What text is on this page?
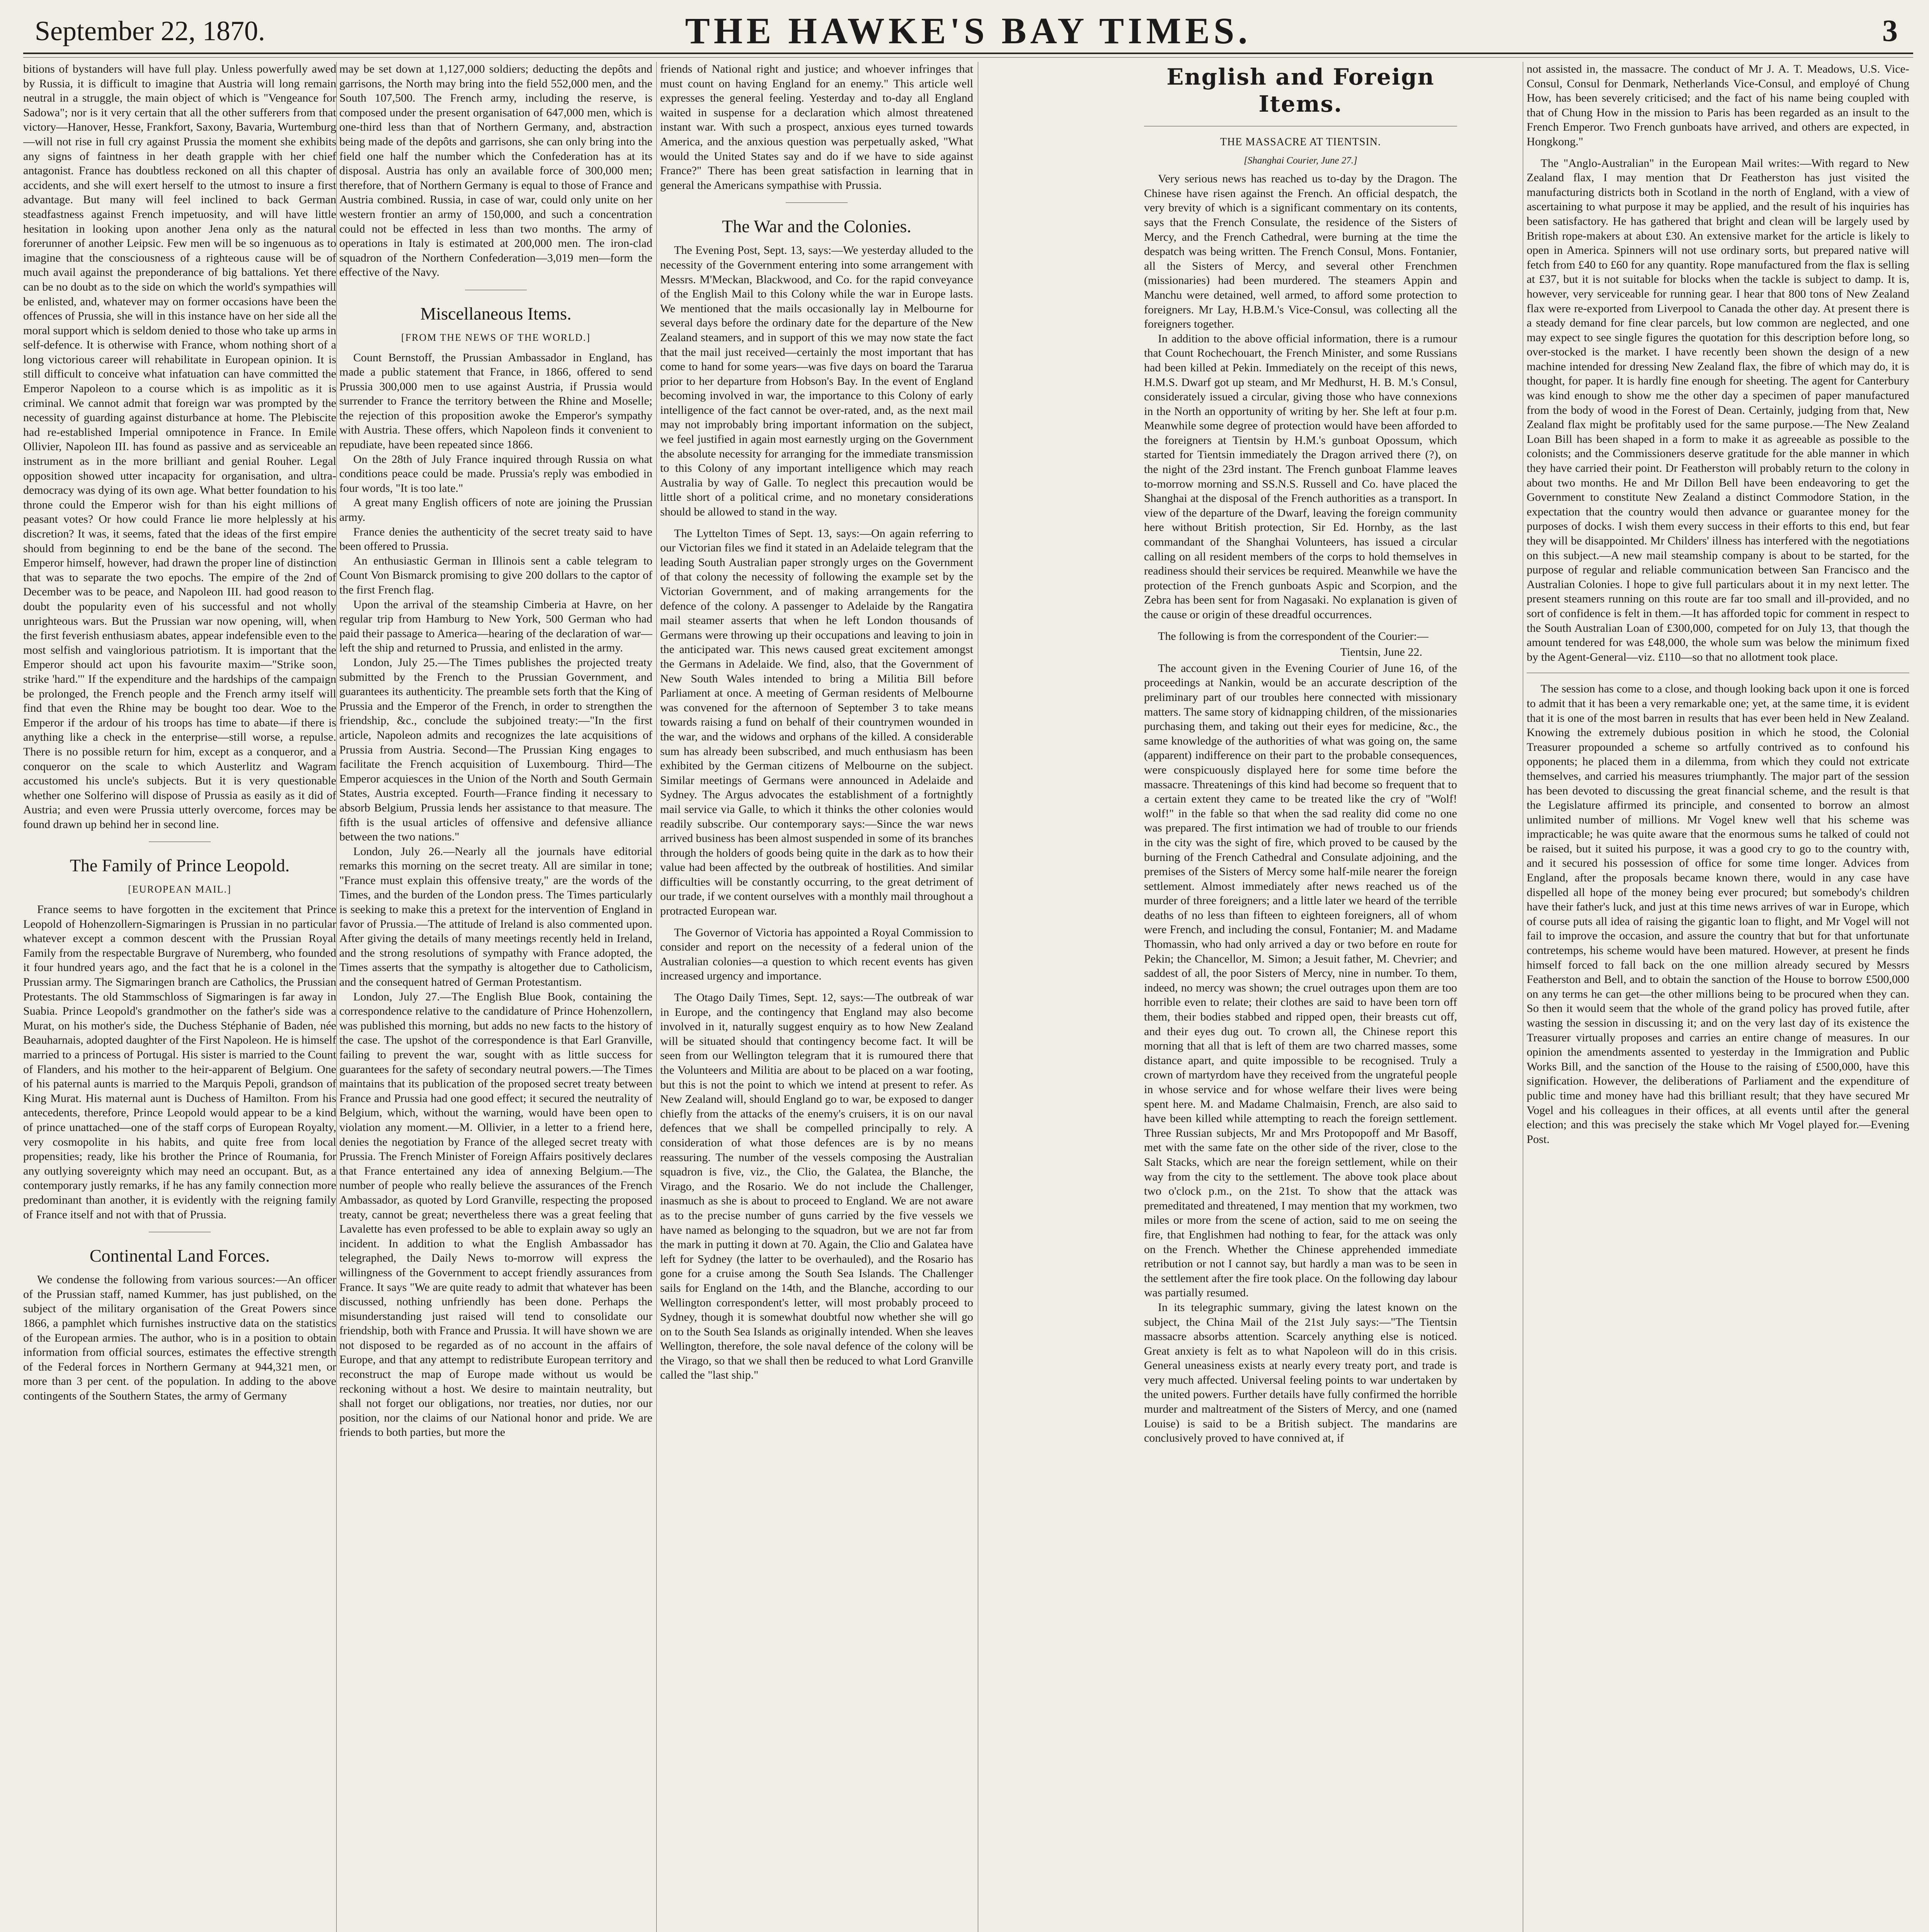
September 22, 1870.	THE HAWKE'S BAY TIMES.	3

bitions of bystanders will have full play. Unless powerfully awed by Russia, it is difficult to imagine that Austria will long remain neutral in a struggle, the main object of which is "Vengeance for Sadowa"; nor is it very certain that all the other sufferers from that victory—Hanover, Hesse, Frankfort, Saxony, Bavaria, Wurtemburg—will not rise in full cry against Prussia the moment she exhibits any signs of faintness in her death grapple with her chief antagonist. France has doubtless reckoned on all this chapter of accidents, and she will exert herself to the utmost to insure a first advantage. But many will feel inclined to back German steadfastness against French impetuosity, and will have little hesitation in looking upon another Jena only as the natural forerunner of another Leipsic. Few men will be so ingenuous as to imagine that the consciousness of a righteous cause will be of much avail against the preponderance of big battalions. Yet there can be no doubt as to the side on which the world's sympathies will be enlisted, and, whatever may on former occasions have been the offences of Prussia, she will in this instance have on her side all the moral support which is seldom denied to those who take up arms in self-defence. It is otherwise with France, whom nothing short of a long victorious career will rehabilitate in European opinion. It is still difficult to conceive what infatuation can have committed the Emperor Napoleon to a course which is as impolitic as it is criminal. We cannot admit that foreign war was prompted by the necessity of guarding against disturbance at home. The Plebiscite had re-established Imperial omnipotence in France. In Emile Ollivier, Napoleon III. has found as passive and as serviceable an instrument as in the more brilliant and genial Rouher. Legal opposition showed utter incapacity for organisation, and ultra-democracy was dying of its own age. What better foundation to his throne could the Emperor wish for than his eight millions of peasant votes? Or how could France lie more helplessly at his discretion? It was, it seems, fated that the ideas of the first empire should from beginning to end be the bane of the second. The Emperor himself, however, had drawn the proper line of distinction that was to separate the two epochs. The empire of the 2nd of December was to be peace, and Napoleon III. had good reason to doubt the popularity even of his successful and not wholly unrighteous wars. But the Prussian war now opening, will, when the first feverish enthusiasm abates, appear indefensible even to the most selfish and vainglorious patriotism. It is important that the Emperor should act upon his favourite maxim—"Strike soon, strike 'hard.'" If the expenditure and the hardships of the campaign be prolonged, the French people and the French army itself will find that even the Rhine may be bought too dear. Woe to the Emperor if the ardour of his troops has time to abate—if there is anything like a check in the enterprise—still worse, a repulse. There is no possible return for him, except as a conqueror, and a conqueror on the scale to which Austerlitz and Wagram accustomed his uncle's subjects. But it is very questionable whether one Solferino will dispose of Prussia as easily as it did of Austria; and even were Prussia utterly overcome, forces may be found drawn up behind her in second line.

The Family of Prince Leopold.
[EUROPEAN MAIL.]

France seems to have forgotten in the excitement that Prince Leopold of Hohenzollern-Sigmaringen is Prussian in no particular whatever except a common descent with the Prussian Royal Family from the respectable Burgrave of Nuremberg, who founded it four hundred years ago, and the fact that he is a colonel in the Prussian army. The Sigmaringen branch are Catholics, the Prussian Protestants. The old Stammschloss of Sigmaringen is far away in Suabia. Prince Leopold's grandmother on the father's side was a Murat, on his mother's side, the Duchess Stéphanie of Baden, née Beauharnais, adopted daughter of the First Napoleon. He is himself married to a princess of Portugal. His sister is married to the Count of Flanders, and his mother to the heir-apparent of Belgium. One of his paternal aunts is married to the Marquis Pepoli, grandson of King Murat. His maternal aunt is Duchess of Hamilton. From his antecedents, therefore, Prince Leopold would appear to be a kind of prince unattached—one of the staff corps of European Royalty, very cosmopolite in his habits, and quite free from local propensities; ready, like his brother the Prince of Roumania, for any outlying sovereignty which may need an occupant. But, as a contemporary justly remarks, if he has any family connection more predominant than another, it is evidently with the reigning family of France itself and not with that of Prussia.

Continental Land Forces.

We condense the following from various sources:—An officer of the Prussian staff, named Kummer, has just published, on the subject of the military organisation of the Great Powers since 1866, a pamphlet which furnishes instructive data on the statistics of the European armies. The author, who is in a position to obtain information from official sources, estimates the effective strength of the Federal forces in Northern Germany at 944,321 men, or more than 3 per cent. of the population. In adding to the above contingents of the Southern States, the army of Germany

may be set down at 1,127,000 soldiers; deducting the depôts and garrisons, the North may bring into the field 552,000 men, and the South 107,500. The French army, including the reserve, is composed under the present organisation of 647,000 men, which is one-third less than that of Northern Germany, and, abstraction being made of the depôts and garrisons, she can only bring into the field one half the number which the Confederation has at its disposal. Austria has only an available force of 300,000 men; therefore, that of Northern Germany is equal to those of France and Austria combined. Russia, in case of war, could only unite on her western frontier an army of 150,000, and such a concentration could not be effected in less than two months. The army of operations in Italy is estimated at 200,000 men. The iron-clad squadron of the Northern Confederation—3,019 men—form the effective of the Navy.

Miscellaneous Items.
[FROM THE NEWS OF THE WORLD.]

Count Bernstoff, the Prussian Ambassador in England, has made a public statement that France, in 1866, offered to send Prussia 300,000 men to use against Austria, if Prussia would surrender to France the territory between the Rhine and Moselle; the rejection of this proposition awoke the Emperor's sympathy with Austria. These offers, which Napoleon finds it convenient to repudiate, have been repeated since 1866.

On the 28th of July France inquired through Russia on what conditions peace could be made. Prussia's reply was embodied in four words, "It is too late."

A great many English officers of note are joining the Prussian army.

France denies the authenticity of the secret treaty said to have been offered to Prussia.

An enthusiastic German in Illinois sent a cable telegram to Count Von Bismarck promising to give 200 dollars to the captor of the first French flag.

Upon the arrival of the steamship Cimberia at Havre, on her regular trip from Hamburg to New York, 500 German who had paid their passage to America—hearing of the declaration of war—left the ship and returned to Prussia, and enlisted in the army.

London, July 25.—The Times publishes the projected treaty submitted by the French to the Prussian Government, and guarantees its authenticity. The preamble sets forth that the King of Prussia and the Emperor of the French, in order to strengthen the friendship, &c., conclude the subjoined treaty:—"In the first article, Napoleon admits and recognizes the late acquisitions of Prussia from Austria. Second—The Prussian King engages to facilitate the French acquisition of Luxembourg. Third—The Emperor acquiesces in the Union of the North and South Germain States, Austria excepted. Fourth—France finding it necessary to absorb Belgium, Prussia lends her assistance to that measure. The fifth is the usual articles of offensive and defensive alliance between the two nations."

London, July 26.—Nearly all the journals have editorial remarks this morning on the secret treaty. All are similar in tone; "France must explain this offensive treaty," are the words of the Times, and the burden of the London press. The Times particularly is seeking to make this a pretext for the intervention of England in favor of Prussia.—The attitude of Ireland is also commented upon. After giving the details of many meetings recently held in Ireland, and the strong resolutions of sympathy with France adopted, the Times asserts that the sympathy is altogether due to Catholicism, and the consequent hatred of German Protestantism.

London, July 27.—The English Blue Book, containing the correspondence relative to the candidature of Prince Hohenzollern, was published this morning, but adds no new facts to the history of the case. The upshot of the correspondence is that Earl Granville, failing to prevent the war, sought with as little success for guarantees for the safety of secondary neutral powers.—The Times maintains that its publication of the proposed secret treaty between France and Prussia had one good effect; it secured the neutrality of Belgium, which, without the warning, would have been open to violation any moment.—M. Ollivier, in a letter to a friend here, denies the negotiation by France of the alleged secret treaty with Prussia. The French Minister of Foreign Affairs positively declares that France entertained any idea of annexing Belgium.—The number of people who really believe the assurances of the French Ambassador, as quoted by Lord Granville, respecting the proposed treaty, cannot be great; nevertheless there was a great feeling that Lavalette has even professed to be able to explain away so ugly an incident. In addition to what the English Ambassador has telegraphed, the Daily News to-morrow will express the willingness of the Government to accept friendly assurances from France. It says "We are quite ready to admit that whatever has been discussed, nothing unfriendly has been done. Perhaps the misunderstanding just raised will tend to consolidate our friendship, both with France and Prussia. It will have shown we are not disposed to be regarded as of no account in the affairs of Europe, and that any attempt to redistribute European territory and reconstruct the map of Europe made without us would be reckoning without a host. We desire to maintain neutrality, but shall not forget our obligations, nor treaties, nor duties, nor our position, nor the claims of our National honor and pride. We are friends to both parties, but more the

friends of National right and justice; and whoever infringes that must count on having England for an enemy." This article well expresses the general feeling. Yesterday and to-day all England waited in suspense for a declaration which almost threatened instant war. With such a prospect, anxious eyes turned towards America, and the anxious question was perpetually asked, "What would the United States say and do if we have to side against France?" There has been great satisfaction in learning that in general the Americans sympathise with Prussia.

The War and the Colonies.

The Evening Post, Sept. 13, says:—We yesterday alluded to the necessity of the Government entering into some arrangement with Messrs. M'Meckan, Blackwood, and Co. for the rapid conveyance of the English Mail to this Colony while the war in Europe lasts. We mentioned that the mails occasionally lay in Melbourne for several days before the ordinary date for the departure of the New Zealand steamers, and in support of this we may now state the fact that the mail just received—certainly the most important that has come to hand for some years—was five days on board the Tararua prior to her departure from Hobson's Bay. In the event of England becoming involved in war, the importance to this Colony of early intelligence of the fact cannot be over-rated, and, as the next mail may not improbably bring important information on the subject, we feel justified in again most earnestly urging on the Government the absolute necessity for arranging for the immediate transmission to this Colony of any important intelligence which may reach Australia by way of Galle. To neglect this precaution would be little short of a political crime, and no monetary considerations should be allowed to stand in the way.

The Lyttelton Times of Sept. 13, says:—On again referring to our Victorian files we find it stated in an Adelaide telegram that the leading South Australian paper strongly urges on the Government of that colony the necessity of following the example set by the Victorian Government, and of making arrangements for the defence of the colony. A passenger to Adelaide by the Rangatira mail steamer asserts that when he left London thousands of Germans were throwing up their occupations and leaving to join in the anticipated war. This news caused great excitement amongst the Germans in Adelaide. We find, also, that the Government of New South Wales intended to bring a Militia Bill before Parliament at once. A meeting of German residents of Melbourne was convened for the afternoon of September 3 to take means towards raising a fund on behalf of their countrymen wounded in the war, and the widows and orphans of the killed. A considerable sum has already been subscribed, and much enthusiasm has been exhibited by the German citizens of Melbourne on the subject. Similar meetings of Germans were announced in Adelaide and Sydney. The Argus advocates the establishment of a fortnightly mail service via Galle, to which it thinks the other colonies would readily subscribe. Our contemporary says:—Since the war news arrived business has been almost suspended in some of its branches through the holders of goods being quite in the dark as to how their value had been affected by the outbreak of hostilities. And similar difficulties will be constantly occurring, to the great detriment of our trade, if we content ourselves with a monthly mail throughout a protracted European war.

The Governor of Victoria has appointed a Royal Commission to consider and report on the necessity of a federal union of the Australian colonies—a question to which recent events has given increased urgency and importance.

The Otago Daily Times, Sept. 12, says:—The outbreak of war in Europe, and the contingency that England may also become involved in it, naturally suggest enquiry as to how New Zealand will be situated should that contingency become fact. It will be seen from our Wellington telegram that it is rumoured there that the Volunteers and Militia are about to be placed on a war footing, but this is not the point to which we intend at present to refer. As New Zealand will, should England go to war, be exposed to danger chiefly from the attacks of the enemy's cruisers, it is on our naval defences that we shall be compelled principally to rely. A consideration of what those defences are is by no means reassuring. The number of the vessels composing the Australian squadron is five, viz., the Clio, the Galatea, the Blanche, the Virago, and the Rosario. We do not include the Challenger, inasmuch as she is about to proceed to England. We are not aware as to the precise number of guns carried by the five vessels we have named as belonging to the squadron, but we are not far from the mark in putting it down at 70. Again, the Clio and Galatea have left for Sydney (the latter to be overhauled), and the Rosario has gone for a cruise among the South Sea Islands. The Challenger sails for England on the 14th, and the Blanche, according to our Wellington correspondent's letter, will most probably proceed to Sydney, though it is somewhat doubtful now whether she will go on to the South Sea Islands as originally intended. When she leaves Wellington, therefore, the sole naval defence of the colony will be the Virago, so that we shall then be reduced to what Lord Granville called the "last ship."

English and Foreign Items.
THE MASSACRE AT TIENTSIN.
[Shanghai Courier, June 27.]

Very serious news has reached us to-day by the Dragon. The Chinese have risen against the French. An official despatch, the very brevity of which is a significant commentary on its contents, says that the French Consulate, the residence of the Sisters of Mercy, and the French Cathedral, were burning at the time the despatch was being written. The French Consul, Mons. Fontanier, all the Sisters of Mercy, and several other Frenchmen (missionaries) had been murdered. The steamers Appin and Manchu were detained, well armed, to afford some protection to foreigners. Mr Lay, H.B.M.'s Vice-Consul, was collecting all the foreigners together.

In addition to the above official information, there is a rumour that Count Rochechouart, the French Minister, and some Russians had been killed at Pekin. Immediately on the receipt of this news, H.M.S. Dwarf got up steam, and Mr Medhurst, H. B. M.'s Consul, considerately issued a circular, giving those who have connexions in the North an opportunity of writing by her. She left at four p.m. Meanwhile some degree of protection would have been afforded to the foreigners at Tientsin by H.M.'s gunboat Opossum, which started for Tientsin immediately the Dragon arrived there (?), on the night of the 23rd instant. The French gunboat Flamme leaves to-morrow morning and SS.N.S. Russell and Co. have placed the Shanghai at the disposal of the French authorities as a transport. In view of the departure of the Dwarf, leaving the foreign community here without British protection, Sir Ed. Hornby, as the last commandant of the Shanghai Volunteers, has issued a circular calling on all resident members of the corps to hold themselves in readiness should their services be required. Meanwhile we have the protection of the French gunboats Aspic and Scorpion, and the Zebra has been sent for from Nagasaki. No explanation is given of the cause or origin of these dreadful occurrences.

The following is from the correspondent of the Courier:—

Tientsin, June 22.

The account given in the Evening Courier of June 16, of the proceedings at Nankin, would be an accurate description of the preliminary part of our troubles here connected with missionary matters. The same story of kidnapping children, of the missionaries purchasing them, and taking out their eyes for medicine, &c., the same knowledge of the authorities of what was going on, the same (apparent) indifference on their part to the probable consequences, were conspicuously displayed here for some time before the massacre. Threatenings of this kind had become so frequent that to a certain extent they came to be treated like the cry of "Wolf! wolf!" in the fable so that when the sad reality did come no one was prepared. The first intimation we had of trouble to our friends in the city was the sight of fire, which proved to be caused by the burning of the French Cathedral and Consulate adjoining, and the premises of the Sisters of Mercy some half-mile nearer the foreign settlement. Almost immediately after news reached us of the murder of three foreigners; and a little later we heard of the terrible deaths of no less than fifteen to eighteen foreigners, all of whom were French, and including the consul, Fontanier; M. and Madame Thomassin, who had only arrived a day or two before en route for Pekin; the Chancellor, M. Simon; a Jesuit father, M. Chevrier; and saddest of all, the poor Sisters of Mercy, nine in number. To them, indeed, no mercy was shown; the cruel outrages upon them are too horrible even to relate; their clothes are said to have been torn off them, their bodies stabbed and ripped open, their breasts cut off, and their eyes dug out. To crown all, the Chinese report this morning that all that is left of them are two charred masses, some distance apart, and quite impossible to be recognised. Truly a crown of martyrdom have they received from the ungrateful people in whose service and for whose welfare their lives were being spent here. M. and Madame Chalmaisin, French, are also said to have been killed while attempting to reach the foreign settlement. Three Russian subjects, Mr and Mrs Protopopoff and Mr Basoff, met with the same fate on the other side of the river, close to the Salt Stacks, which are near the foreign settlement, while on their way from the city to the settlement. The above took place about two o'clock p.m., on the 21st. To show that the attack was premeditated and threatened, I may mention that my workmen, two miles or more from the scene of action, said to me on seeing the fire, that Englishmen had nothing to fear, for the attack was only on the French. Whether the Chinese apprehended immediate retribution or not I cannot say, but hardly a man was to be seen in the settlement after the fire took place. On the following day labour was partially resumed.

In its telegraphic summary, giving the latest known on the subject, the China Mail of the 21st July says:—"The Tientsin massacre absorbs attention. Scarcely anything else is noticed. Great anxiety is felt as to what Napoleon will do in this crisis. General uneasiness exists at nearly every treaty port, and trade is very much affected. Universal feeling points to war undertaken by the united powers. Further details have fully confirmed the horrible murder and maltreatment of the Sisters of Mercy, and one (named Louise) is said to be a British subject. The mandarins are conclusively proved to have connived at, if

not assisted in, the massacre. The conduct of Mr J. A. T. Meadows, U.S. Vice-Consul, Consul for Denmark, Netherlands Vice-Consul, and employé of Chung How, has been severely criticised; and the fact of his name being coupled with that of Chung How in the mission to Paris has been regarded as an insult to the French Emperor. Two French gunboats have arrived, and others are expected, in Hongkong."

The "Anglo-Australian" in the European Mail writes:—With regard to New Zealand flax, I may mention that Dr Featherston has just visited the manufacturing districts both in Scotland in the north of England, with a view of ascertaining to what purpose it may be applied, and the result of his inquiries has been satisfactory. He has gathered that bright and clean will be largely used by British rope-makers at about £30. An extensive market for the article is likely to open in America. Spinners will not use ordinary sorts, but prepared native will fetch from £40 to £60 for any quantity. Rope manufactured from the flax is selling at £37, but it is not suitable for blocks when the tackle is subject to damp. It is, however, very serviceable for running gear. I hear that 800 tons of New Zealand flax were re-exported from Liverpool to Canada the other day. At present there is a steady demand for fine clear parcels, but low common are neglected, and one may expect to see single figures the quotation for this description before long, so over-stocked is the market. I have recently been shown the design of a new machine intended for dressing New Zealand flax, the fibre of which may do, it is thought, for paper. It is hardly fine enough for sheeting. The agent for Canterbury was kind enough to show me the other day a specimen of paper manufactured from the body of wood in the Forest of Dean. Certainly, judging from that, New Zealand flax might be profitably used for the same purpose.—The New Zealand Loan Bill has been shaped in a form to make it as agreeable as possible to the colonists; and the Commissioners deserve gratitude for the able manner in which they have carried their point. Dr Featherston will probably return to the colony in about two months. He and Mr Dillon Bell have been endeavoring to get the Government to constitute New Zealand a distinct Commodore Station, in the expectation that the country would then advance or guarantee money for the purposes of docks. I wish them every success in their efforts to this end, but fear they will be disappointed. Mr Childers' illness has interfered with the negotiations on this subject.—A new mail steamship company is about to be started, for the purpose of regular and reliable communication between San Francisco and the Australian Colonies. I hope to give full particulars about it in my next letter. The present steamers running on this route are far too small and ill-provided, and no sort of confidence is felt in them.—It has afforded topic for comment in respect to the South Australian Loan of £300,000, competed for on July 13, that though the amount tendered for was £48,000, the whole sum was below the minimum fixed by the Agent-General—viz. £110—so that no allotment took place.

The session has come to a close, and though looking back upon it one is forced to admit that it has been a very remarkable one; yet, at the same time, it is evident that it is one of the most barren in results that has ever been held in New Zealand. Knowing the extremely dubious position in which he stood, the Colonial Treasurer propounded a scheme so artfully contrived as to confound his opponents; he placed them in a dilemma, from which they could not extricate themselves, and carried his measures triumphantly. The major part of the session has been devoted to discussing the great financial scheme, and the result is that the Legislature affirmed its principle, and consented to borrow an almost unlimited number of millions. Mr Vogel knew well that his scheme was impracticable; he was quite aware that the enormous sums he talked of could not be raised, but it suited his purpose, it was a good cry to go to the country with, and it secured his possession of office for some time longer. Advices from England, after the proposals became known there, would in any case have dispelled all hope of the money being ever procured; but somebody's children have their father's luck, and just at this time news arrives of war in Europe, which of course puts all idea of raising the gigantic loan to flight, and Mr Vogel will not fail to improve the occasion, and assure the country that but for that unfortunate contretemps, his scheme would have been matured. However, at present he finds himself forced to fall back on the one million already secured by Messrs Featherston and Bell, and to obtain the sanction of the House to borrow £500,000 on any terms he can get—the other millions being to be procured when they can. So then it would seem that the whole of the grand policy has proved futile, after wasting the session in discussing it; and on the very last day of its existence the Treasurer virtually proposes and carries an entire change of measures. In our opinion the amendments assented to yesterday in the Immigration and Public Works Bill, and the sanction of the House to the raising of £500,000, have this signification. However, the deliberations of Parliament and the expenditure of public time and money have had this brilliant result; that they have secured Mr Vogel and his colleagues in their offices, at all events until after the general election; and this was precisely the stake which Mr Vogel played for.—Evening Post.
